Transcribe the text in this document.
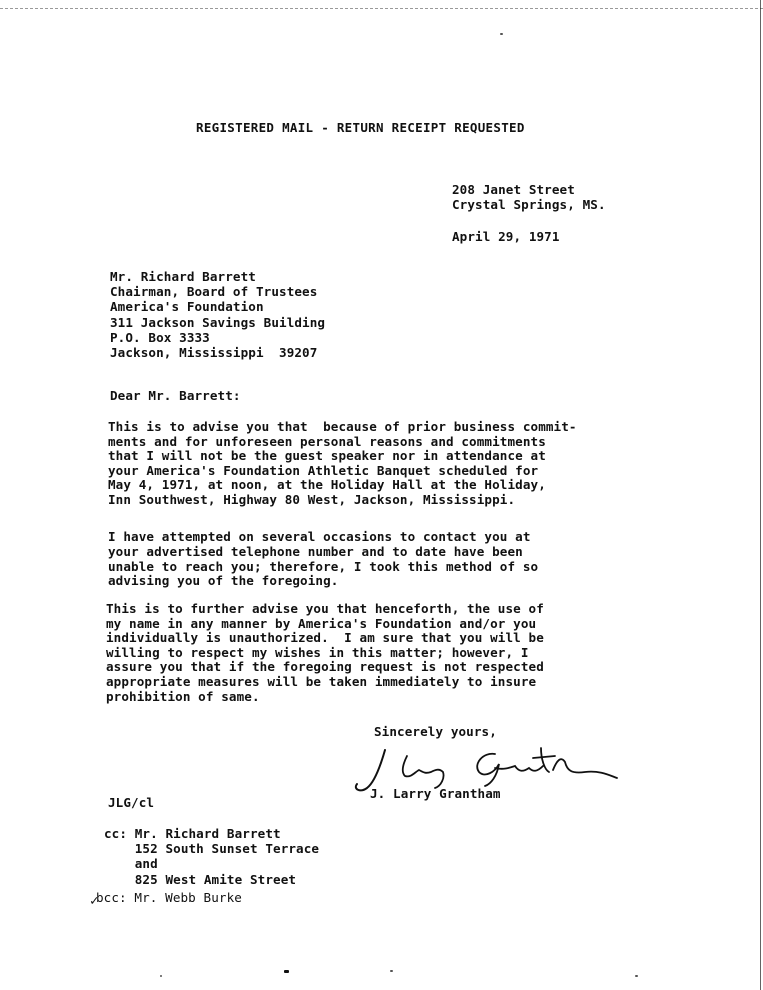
REGISTERED MAIL - RETURN RECEIPT REQUESTED
208 Janet Street
Crystal Springs, MS.
April 29, 1971
Mr. Richard Barrett
Chairman, Board of Trustees
America's Foundation
311 Jackson Savings Building
P.O. Box 3333
Jackson, Mississippi  39207
Dear Mr. Barrett:
This is to advise you that  because of prior business commit-
ments and for unforeseen personal reasons and commitments
that I will not be the guest speaker nor in attendance at
your America's Foundation Athletic Banquet scheduled for
May 4, 1971, at noon, at the Holiday Hall at the Holiday,
Inn Southwest, Highway 80 West, Jackson, Mississippi.
I have attempted on several occasions to contact you at
your advertised telephone number and to date have been
unable to reach you; therefore, I took this method of so
advising you of the foregoing.
This is to further advise you that henceforth, the use of
my name in any manner by America's Foundation and/or you
individually is unauthorized.  I am sure that you will be
willing to respect my wishes in this matter; however, I
assure you that if the foregoing request is not respected
appropriate measures will be taken immediately to insure
prohibition of same.
Sincerely yours,
J. Larry Grantham
JLG/cl
cc: Mr. Richard Barrett
152 South Sunset Terrace
and
825 West Amite Street
✓
bcc: Mr. Webb Burke
